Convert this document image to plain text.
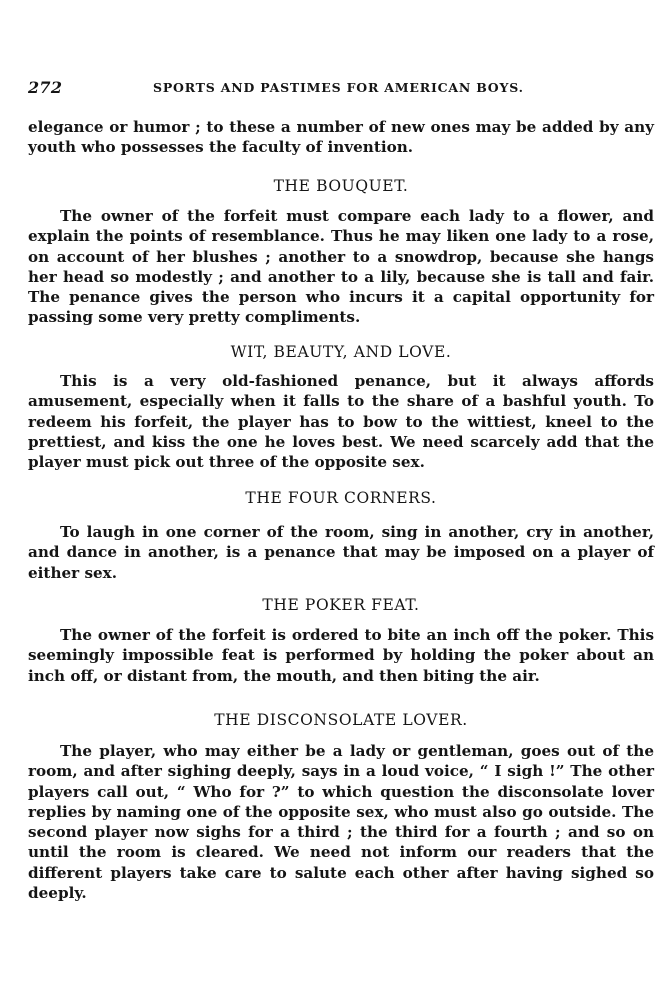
272	SPORTS AND PASTIMES FOR AMERICAN BOYS.

elegance or humor ; to these a number of new ones may be added by any youth who possesses the faculty of invention.

THE BOUQUET.

The owner of the forfeit must compare each lady to a flower, and explain the points of resemblance. Thus he may liken one lady to a rose, on account of her blushes ; another to a snowdrop, because she hangs her head so modestly ; and another to a lily, because she is tall and fair. The penance gives the person who incurs it a capital opportunity for passing some very pretty compliments.

WIT, BEAUTY, AND LOVE.

This is a very old-fashioned penance, but it always affords amusement, especially when it falls to the share of a bashful youth. To redeem his forfeit, the player has to bow to the wittiest, kneel to the prettiest, and kiss the one he loves best. We need scarcely add that the player must pick out three of the opposite sex.

THE FOUR CORNERS.

To laugh in one corner of the room, sing in another, cry in another, and dance in another, is a penance that may be imposed on a player of either sex.

THE POKER FEAT.

The owner of the forfeit is ordered to bite an inch off the poker. This seemingly impossible feat is performed by holding the poker about an inch off, or distant from, the mouth, and then biting the air.

THE DISCONSOLATE LOVER.

The player, who may either be a lady or gentleman, goes out of the room, and after sighing deeply, says in a loud voice, “ I sigh !” The other players call out, “ Who for ?” to which question the disconsolate lover replies by naming one of the opposite sex, who must also go outside. The second player now sighs for a third ; the third for a fourth ; and so on until the room is cleared. We need not inform our readers that the different players take care to salute each other after having sighed so deeply.
